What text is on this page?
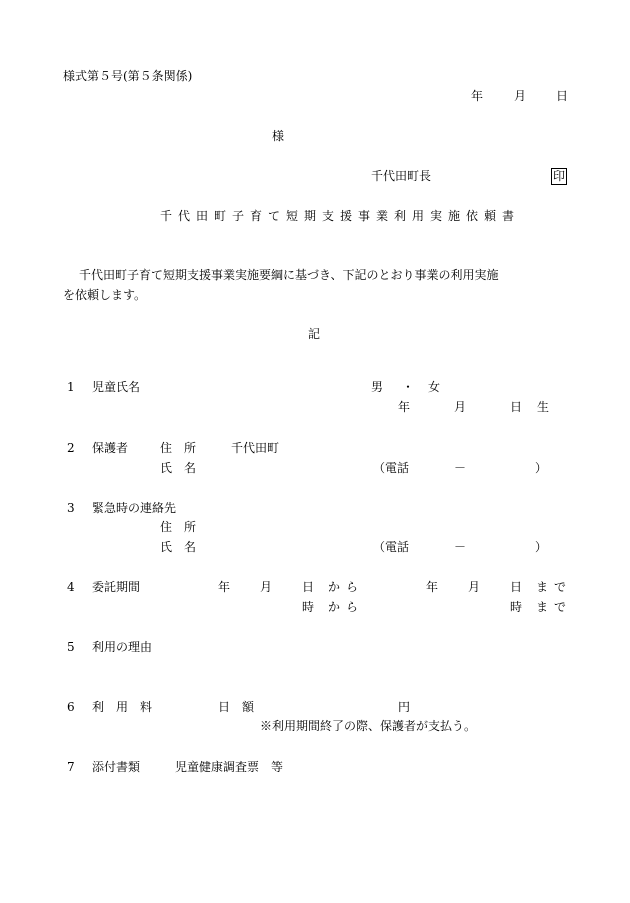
様式第５号(第５条関係)
年	月 日
様
千代田町長	印
千代田町子育て短期支援事業利用実施依頼書
千代田町子育て短期支援事業実施要綱に基づき、下記のとおり事業の利用実施
を依頼します。
記
1 児童氏名	男 ・ 女
年	月	日 生
2 保護者	住　所	千代田町
氏　名	（電話	－	）
3 緊急時の連絡先
住　所
氏　名	（電話	－	）
4 委託期間	年 月 日 から	年 月 日 まで
時 から	時 まで
5 利用の理由
6 利　用　料	日　額	円
※利用期間終了の際、保護者が支払う。
7 添付書類	児童健康調査票　等
